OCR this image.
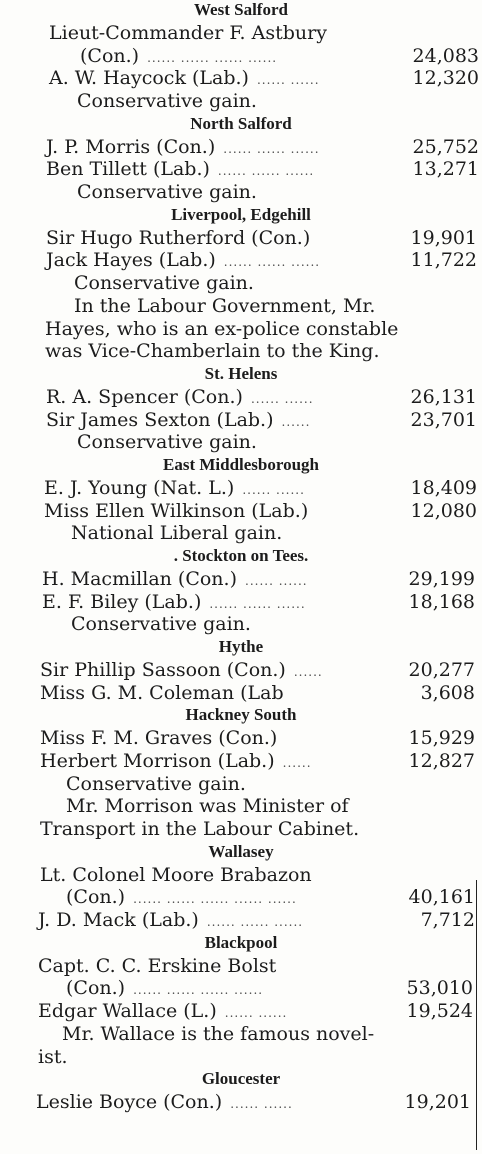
West Salford
Lieut-Commander F. Astbury
(Con.) ...... ...... ...... ......	24,083
A. W. Haycock (Lab.) ...... ......	12,320
Conservative gain.
North Salford
J. P. Morris (Con.) ...... ...... ......	25,752
Ben Tillett (Lab.) ...... ...... ......	13,271
Conservative gain.
Liverpool, Edgehill
Sir Hugo Rutherford (Con.)	19,901
Jack Hayes (Lab.) ...... ...... ......	11,722
Conservative gain.
In the Labour Government, Mr.
Hayes, who is an ex-police constable
was Vice-Chamberlain to the King.
St. Helens
R. A. Spencer (Con.) ...... ......	26,131
Sir James Sexton (Lab.) ......	23,701
Conservative gain.
East Middlesborough
E. J. Young (Nat. L.) ...... ......	18,409
Miss Ellen Wilkinson (Lab.)	12,080
National Liberal gain.
. Stockton on Tees.
H. Macmillan (Con.) ...... ......	29,199
E. F. Biley (Lab.) ...... ...... ......	18,168
Conservative gain.
Hythe
Sir Phillip Sassoon (Con.) ......	20,277
Miss G. M. Coleman (Lab	3,608
Hackney South
Miss F. M. Graves (Con.)	15,929
Herbert Morrison (Lab.) ......	12,827
Conservative gain.
Mr. Morrison was Minister of
Transport in the Labour Cabinet.
Wallasey
Lt. Colonel Moore Brabazon
(Con.) ...... ...... ...... ...... ......	40,161
J. D. Mack (Lab.) ...... ...... ......	7,712
Blackpool
Capt. C. C. Erskine Bolst
(Con.) ...... ...... ...... ......	53,010
Edgar Wallace (L.) ...... ......	19,524
Mr. Wallace is the famous novel-
ist.
Gloucester
Leslie Boyce (Con.) ...... ......	19,201
